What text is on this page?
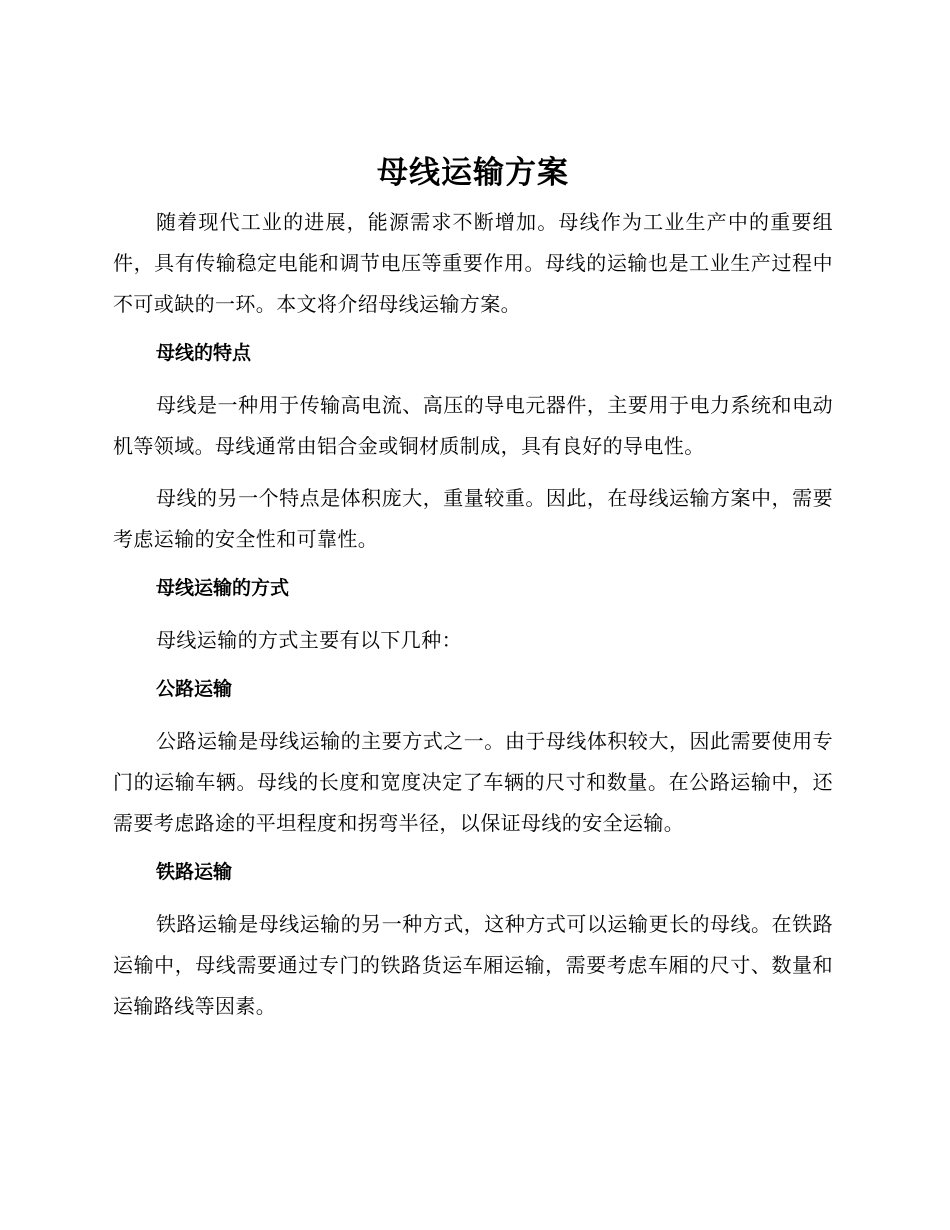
母线运输方案

随着现代工业的进展，能源需求不断增加。母线作为工业生产中的重要组件，具有传输稳定电能和调节电压等重要作用。母线的运输也是工业生产过程中不可或缺的一环。本文将介绍母线运输方案。

母线的特点

母线是一种用于传输高电流、高压的导电元器件，主要用于电力系统和电动机等领域。母线通常由铝合金或铜材质制成，具有良好的导电性。

母线的另一个特点是体积庞大，重量较重。因此，在母线运输方案中，需要考虑运输的安全性和可靠性。

母线运输的方式

母线运输的方式主要有以下几种：

公路运输

公路运输是母线运输的主要方式之一。由于母线体积较大，因此需要使用专门的运输车辆。母线的长度和宽度决定了车辆的尺寸和数量。在公路运输中，还需要考虑路途的平坦程度和拐弯半径，以保证母线的安全运输。

铁路运输

铁路运输是母线运输的另一种方式，这种方式可以运输更长的母线。在铁路运输中，母线需要通过专门的铁路货运车厢运输，需要考虑车厢的尺寸、数量和运输路线等因素。
